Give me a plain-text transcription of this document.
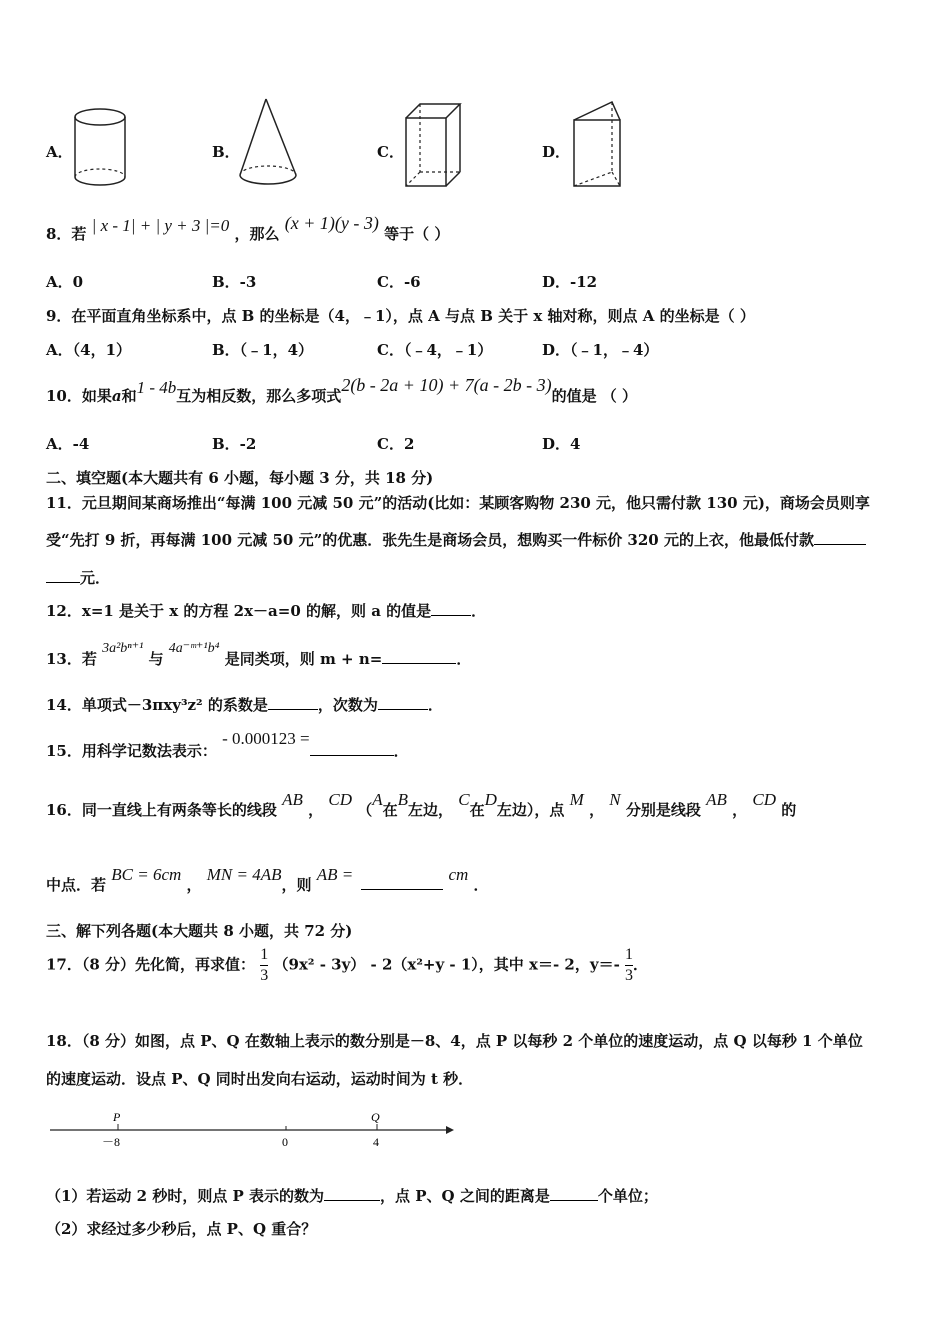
A．	B．	C．	D．
8．若 | x - 1| + | y + 3 |=0 ，那么 (x + 1)(y - 3) 等于（ ）
A．0	B．-3	C．-6	D．-12
9．在平面直角坐标系中，点 B 的坐标是（4，﹣1），点 A 与点 B 关于 x 轴对称，则点 A 的坐标是（ ）
A．（4，1）	B．（﹣1，4）	C．（﹣4，﹣1）	D．（﹣1，﹣4）
10．如果a和1 - 4b互为相反数，那么多项式2(b - 2a + 10) + 7(a - 2b - 3)的值是 （ ）
A．-4	B．-2	C．2	D．4
二、填空题(本大题共有 6 小题，每小题 3 分，共 18 分)
11．元旦期间某商场推出“每满 100 元减 50 元”的活动(比如：某顾客购物 230 元，他只需付款 130 元)，商场会员则享
受“先打 9 折，再每满 100 元减 50 元”的优惠．张先生是商场会员，想购买一件标价 320 元的上衣，他最低付款
元．
12．x=1 是关于 x 的方程 2x－a=0 的解，则 a 的值是	．
13．若 3a²bⁿ⁺¹ 与 4a⁻ᵐ⁺¹b⁴ 是同类项，则 m + n=	．
14．单项式－3πxy³z² 的系数是	，次数为	．
15．用科学记数法表示： - 0.000123 =．
16．同一直线上有两条等长的线段 AB ， CD （A在B左边， C在D左边），点 M ， N 分别是线段 AB ， CD 的
中点．若 BC = 6cm ， MN = 4AB，则 AB =	cm ．
三、解下列各题(本大题共 8 小题，共 72 分)
17．（8 分）先化简，再求值： $\frac{1}{3} (9x^2 - 3y) - 2(x^2+y - 1)$，其中 x＝- 2，$y=- \frac{1}{3}$ ．
18．（8 分）如图，点 P、Q 在数轴上表示的数分别是－8、4，点 P 以每秒 2 个单位的速度运动，点 Q 以每秒 1 个单位
的速度运动．设点 P、Q 同时出发向右运动，运动时间为 t 秒．
P	Q
－8	0	4
（1）若运动 2 秒时，则点 P 表示的数为	，点 P、Q 之间的距离是	个单位；
（2）求经过多少秒后，点 P、Q 重合？
